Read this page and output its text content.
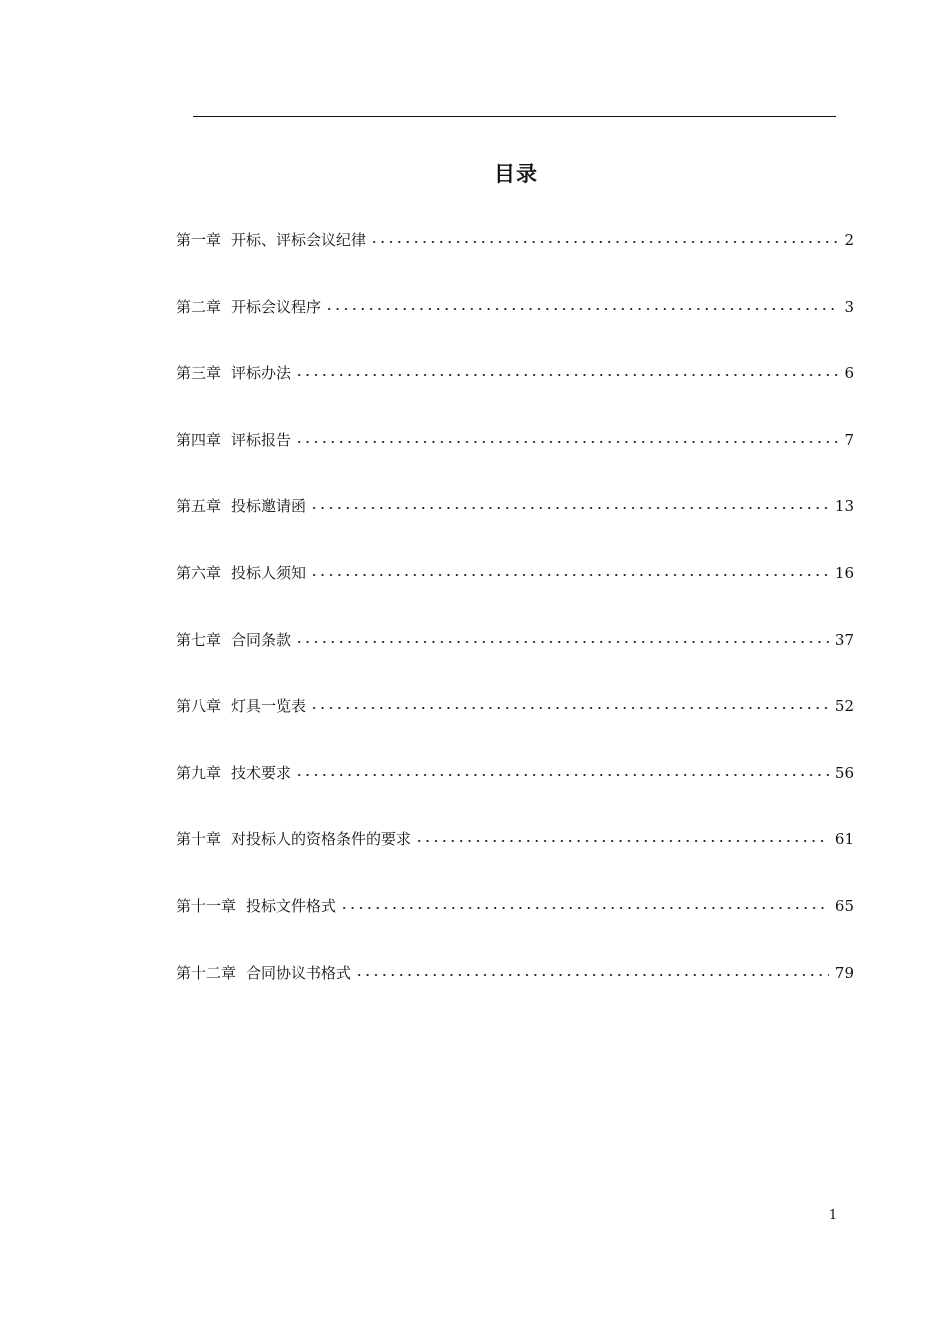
目录
第一章 开标、评标会议纪律	2
第二章 开标会议程序	3
第三章 评标办法	6
第四章 评标报告	7
第五章 投标邀请函	13
第六章 投标人须知	16
第七章 合同条款	37
第八章 灯具一览表	52
第九章 技术要求	56
第十章 对投标人的资格条件的要求	61
第十一章 投标文件格式	65
第十二章 合同协议书格式	79
1
